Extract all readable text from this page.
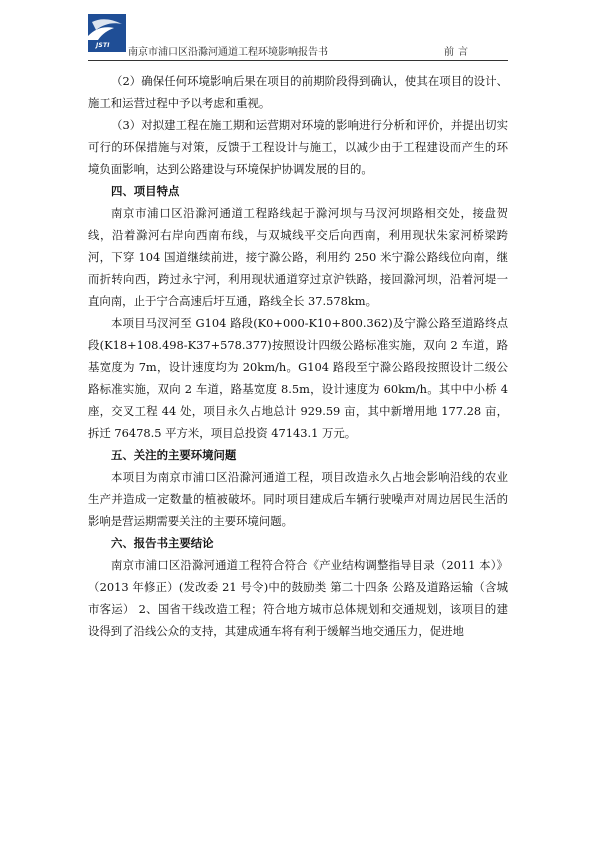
JSTI
南京市浦口区沿滁河通道工程环境影响报告书	前言

（2）确保任何环境影响后果在项目的前期阶段得到确认，使其在项目的设计、施工和运营过程中予以考虑和重视。

（3）对拟建工程在施工期和运营期对环境的影响进行分析和评价，并提出切实可行的环保措施与对策，反馈于工程设计与施工，以减少由于工程建设而产生的环境负面影响，达到公路建设与环境保护协调发展的目的。

四、项目特点

南京市浦口区沿滁河通道工程路线起于滁河坝与马汊河坝路相交处，接盘贺线，沿着滁河右岸向西南布线，与双城线平交后向西南，利用现状朱家河桥梁跨河，下穿 104 国道继续前进，接宁滁公路，利用约 250 米宁滁公路线位向南，继而折转向西，跨过永宁河，利用现状通道穿过京沪铁路，接回滁河坝，沿着河堤一直向南，止于宁合高速后圩互通，路线全长 37.578km。

本项目马汊河至 G104 路段(K0+000-K10+800.362)及宁滁公路至道路终点段(K18+108.498-K37+578.377)按照设计四级公路标准实施，双向 2 车道，路基宽度为 7m，设计速度均为 20km/h。G104 路段至宁滁公路段按照设计二级公路标准实施，双向 2 车道，路基宽度 8.5m，设计速度为 60km/h。其中中小桥 4 座，交叉工程 44 处，项目永久占地总计 929.59 亩，其中新增用地 177.28 亩，拆迁 76478.5 平方米，项目总投资 47143.1 万元。

五、关注的主要环境问题

本项目为南京市浦口区沿滁河通道工程，项目改造永久占地会影响沿线的农业生产并造成一定数量的植被破坏。同时项目建成后车辆行驶噪声对周边居民生活的影响是营运期需要关注的主要环境问题。

六、报告书主要结论

南京市浦口区沿滁河通道工程符合符合《产业结构调整指导目录（2011 本）》（2013 年修正）(发改委 21 号令)中的鼓励类 第二十四条 公路及道路运输（含城市客运） 2、国省干线改造工程；符合地方城市总体规划和交通规划，该项目的建设得到了沿线公众的支持，其建成通车将有利于缓解当地交通压力，促进地
